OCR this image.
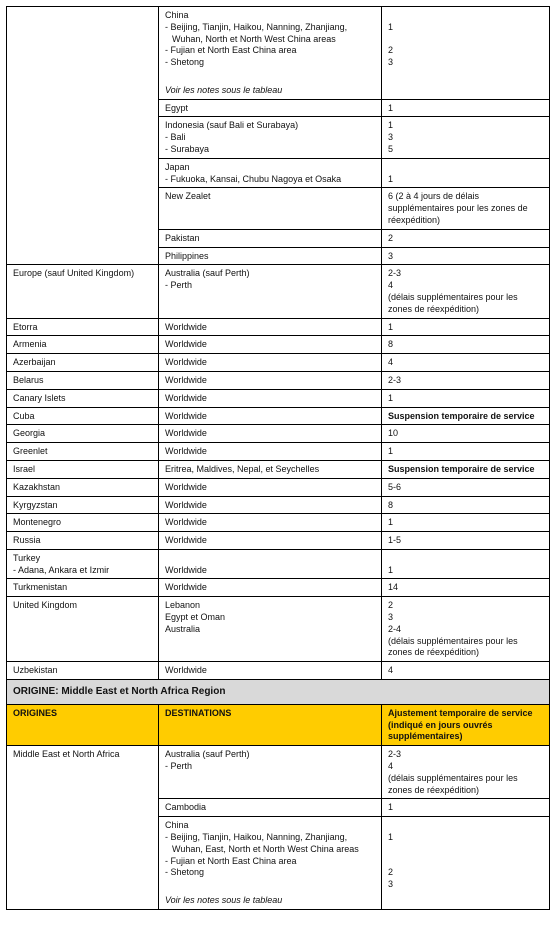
	China
- Beijing, Tianjin, Haikou, Nanning, Zhanjiang, Wuhan, North et North West China areas
- Fujian et North East China area
- Shetong
Voir les notes sous le tableau	1
2
3

	Egypt	1

	Indonesia (sauf Bali et Surabaya)
- Bali
- Surabaya	1
3
5

	Japan
- Fukuoka, Kansai, Chubu Nagoya et Osaka	1

	New Zealet	6 (2 à 4 jours de délais supplémentaires pour les zones de réexpédition)

	Pakistan	2

	Philippines	3

Europe (sauf United Kingdom)	Australia (sauf Perth)
- Perth	2-3
4
(délais supplémentaires pour les zones de réexpédition)

Etorra	Worldwide	1

Armenia	Worldwide	8

Azerbaijan	Worldwide	4

Belarus	Worldwide	2-3

Canary Islets	Worldwide	1

Cuba	Worldwide	Suspension temporaire de service

Georgia	Worldwide	10

Greenlet	Worldwide	1

Israel	Eritrea, Maldives, Nepal, et Seychelles	Suspension temporaire de service

Kazakhstan	Worldwide	5-6

Kyrgyzstan	Worldwide	8

Montenegro	Worldwide	1

Russia	Worldwide	1-5

Turkey
- Adana, Ankara et Izmir	Worldwide	1

Turkmenistan	Worldwide	14

United Kingdom	Lebanon
Egypt et Oman
Australia	2
3
2-4
(délais supplémentaires pour les zones de réexpédition)

Uzbekistan	Worldwide	4

ORIGINE: Middle East et North Africa Region		
ORIGINES	DESTINATIONS	Ajustement temporaire de service (indiqué en jours ouvrés supplémentaires)

Middle East et North Africa	Australia (sauf Perth)
- Perth	2-3
4
(délais supplémentaires pour les zones de réexpédition)

	Cambodia	1

	China
- Beijing, Tianjin, Haikou, Nanning, Zhanjiang, Wuhan, East, North et North West China areas
- Fujian et North East China area
- Shetong
Voir les notes sous le tableau	1
2
3
